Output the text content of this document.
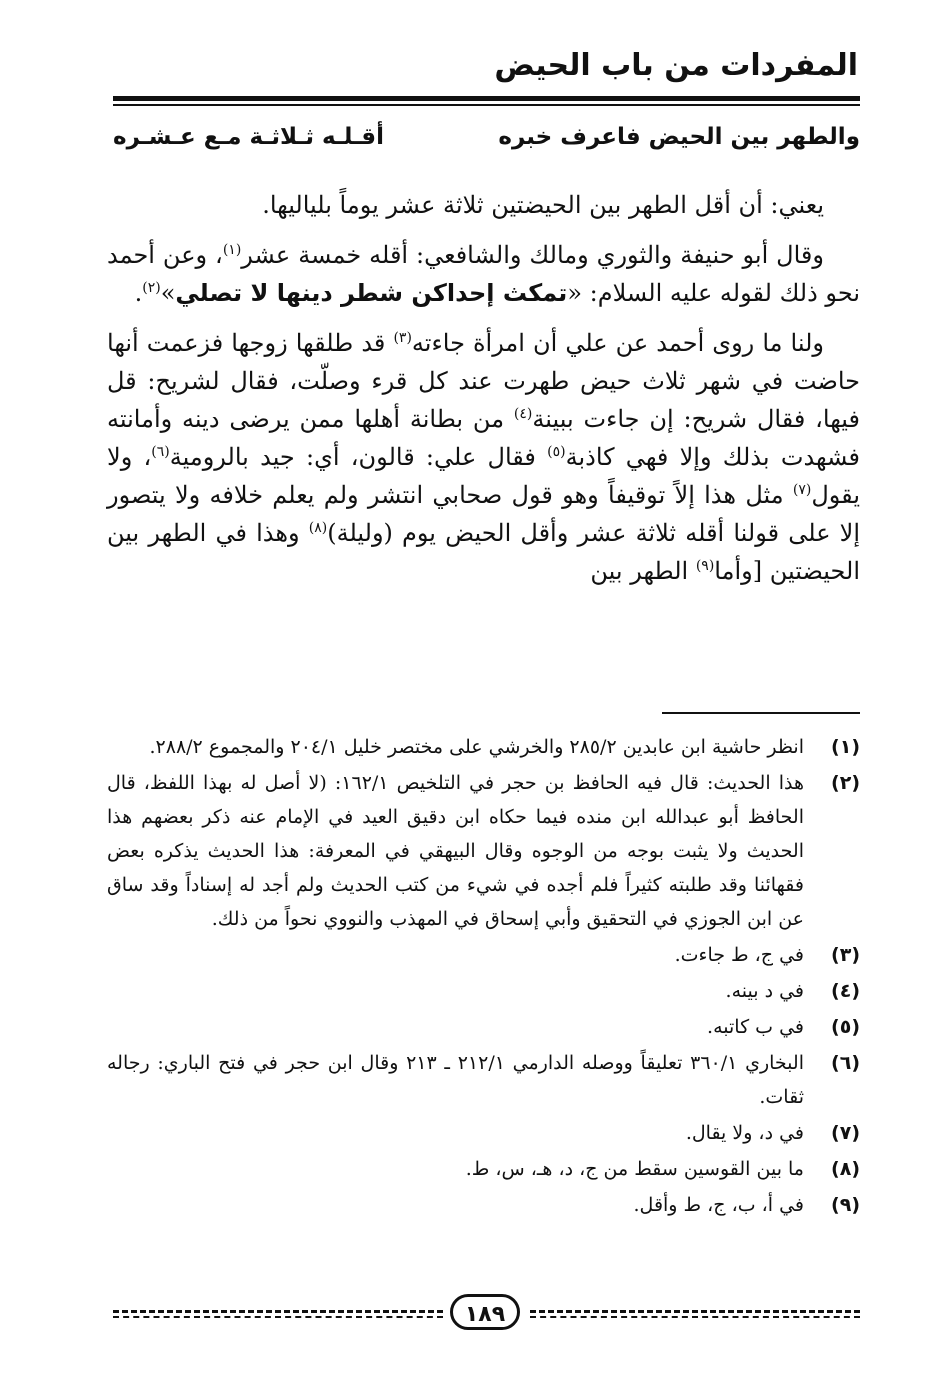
المفردات من باب الحيض
والطهر بين الحيض فاعرف خبره
أقـلـه ثـلاثـة مـع عـشـره

يعني: أن أقل الطهر بين الحيضتين ثلاثة عشر يوماً بلياليها.

وقال أبو حنيفة والثوري ومالك والشافعي: أقله خمسة عشر$^{(١)}$، وعن أحمد نحو ذلك لقوله عليه السلام: «تمكث إحداكن شطر دينها لا تصلي»$^{(٢)}$.

ولنا ما روى أحمد عن علي أن امرأة جاءته$^{(٣)}$ قد طلقها زوجها فزعمت أنها حاضت في شهر ثلاث حيض طهرت عند كل قرء وصلّت، فقال لشريح: قل فيها، فقال شريح: إن جاءت ببينة$^{(٤)}$ من بطانة أهلها ممن يرضى دينه وأمانته فشهدت بذلك وإلا فهي كاذبة$^{(٥)}$ فقال علي: قالون، أي: جيد بالرومية$^{(٦)}$، ولا يقول$^{(٧)}$ مثل هذا إلاً توقيفاً وهو قول صحابي انتشر ولم يعلم خلافه ولا يتصور إلا على قولنا أقله ثلاثة عشر وأقل الحيض يوم (وليلة)$^{(٨)}$ وهذا في الطهر بين الحيضتين [وأما$^{(٩)}$ الطهر بين

(١)
انظر حاشية ابن عابدين ٢٨٥/٢ والخرشي على مختصر خليل ٢٠٤/١ والمجموع ٢٨٨/٢.
(٢)
هذا الحديث: قال فيه الحافظ بن حجر في التلخيص ١٦٢/١: (لا أصل له بهذا اللفظ، قال الحافظ أبو عبدالله ابن منده فيما حكاه ابن دقيق العيد في الإمام عنه ذكر بعضهم هذا الحديث ولا يثبت بوجه من الوجوه وقال البيهقي في المعرفة: هذا الحديث يذكره بعض فقهائنا وقد طلبته كثيراً فلم أجده في شيء من كتب الحديث ولم أجد له إسناداً وقد ساق عن ابن الجوزي في التحقيق وأبي إسحاق في المهذب والنووي نحواً من ذلك.
(٣)
في ج، ط جاءت.
(٤)
في د بينه.
(٥)
في ب كاتبه.
(٦)
البخاري ٣٦٠/١ تعليقاً ووصله الدارمي ٢١٢/١ ـ ٢١٣ وقال ابن حجر في فتح الباري: رجاله ثقات.
(٧)
في د، ولا يقال.
(٨)
ما بين القوسين سقط من ج، د، هـ، س، ط.
(٩)
في أ، ب، ج، ط وأقل.
١٨٩
